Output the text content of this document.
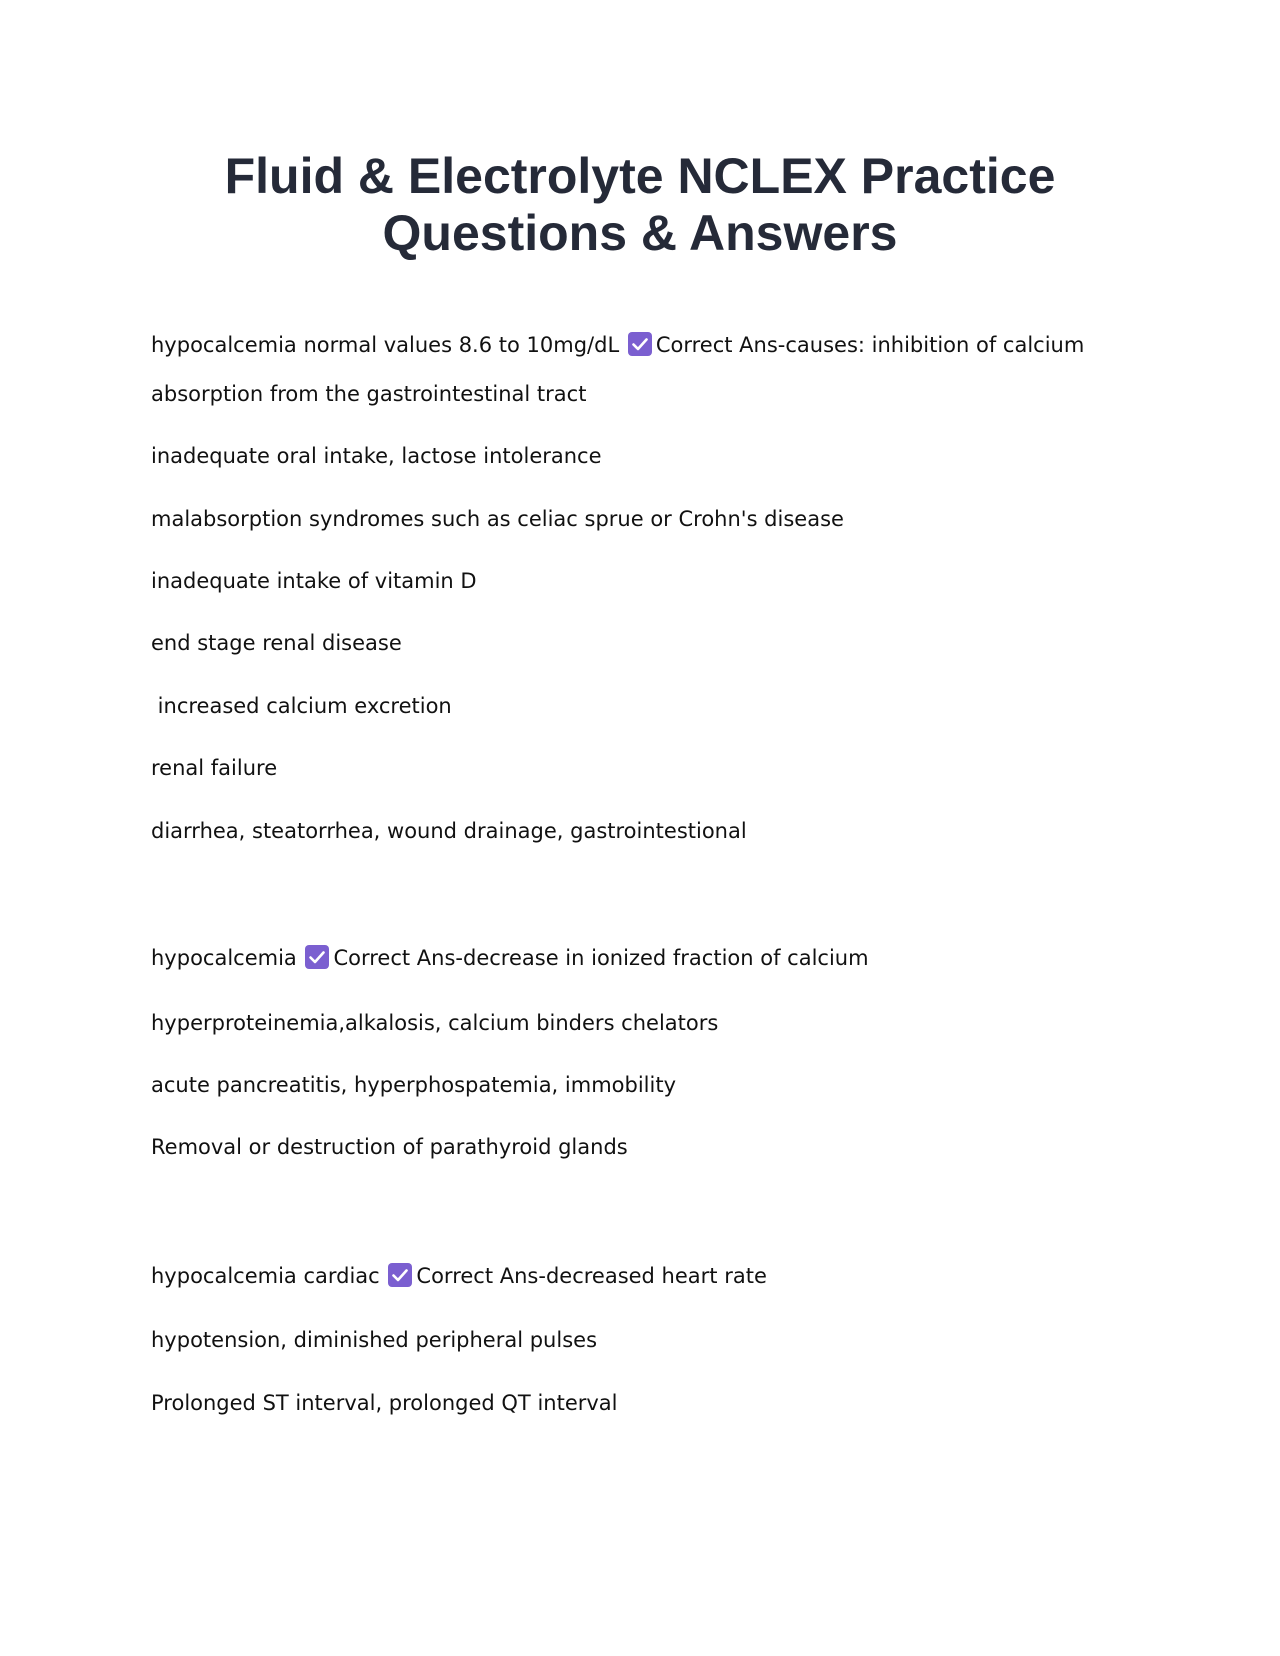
Fluid & Electrolyte NCLEX Practice
Questions & Answers
hypocalcemia normal values 8.6 to 10mg/dL Correct Ans-causes: inhibition of calcium
absorption from the gastrointestinal tract
inadequate oral intake, lactose intolerance
malabsorption syndromes such as celiac sprue or Crohn's disease
inadequate intake of vitamin D
end stage renal disease
increased calcium excretion
renal failure
diarrhea, steatorrhea, wound drainage, gastrointestional
hypocalcemia Correct Ans-decrease in ionized fraction of calcium
hyperproteinemia,alkalosis, calcium binders chelators
acute pancreatitis, hyperphospatemia, immobility
Removal or destruction of parathyroid glands
hypocalcemia cardiac Correct Ans-decreased heart rate
hypotension, diminished peripheral pulses
Prolonged ST interval, prolonged QT interval
